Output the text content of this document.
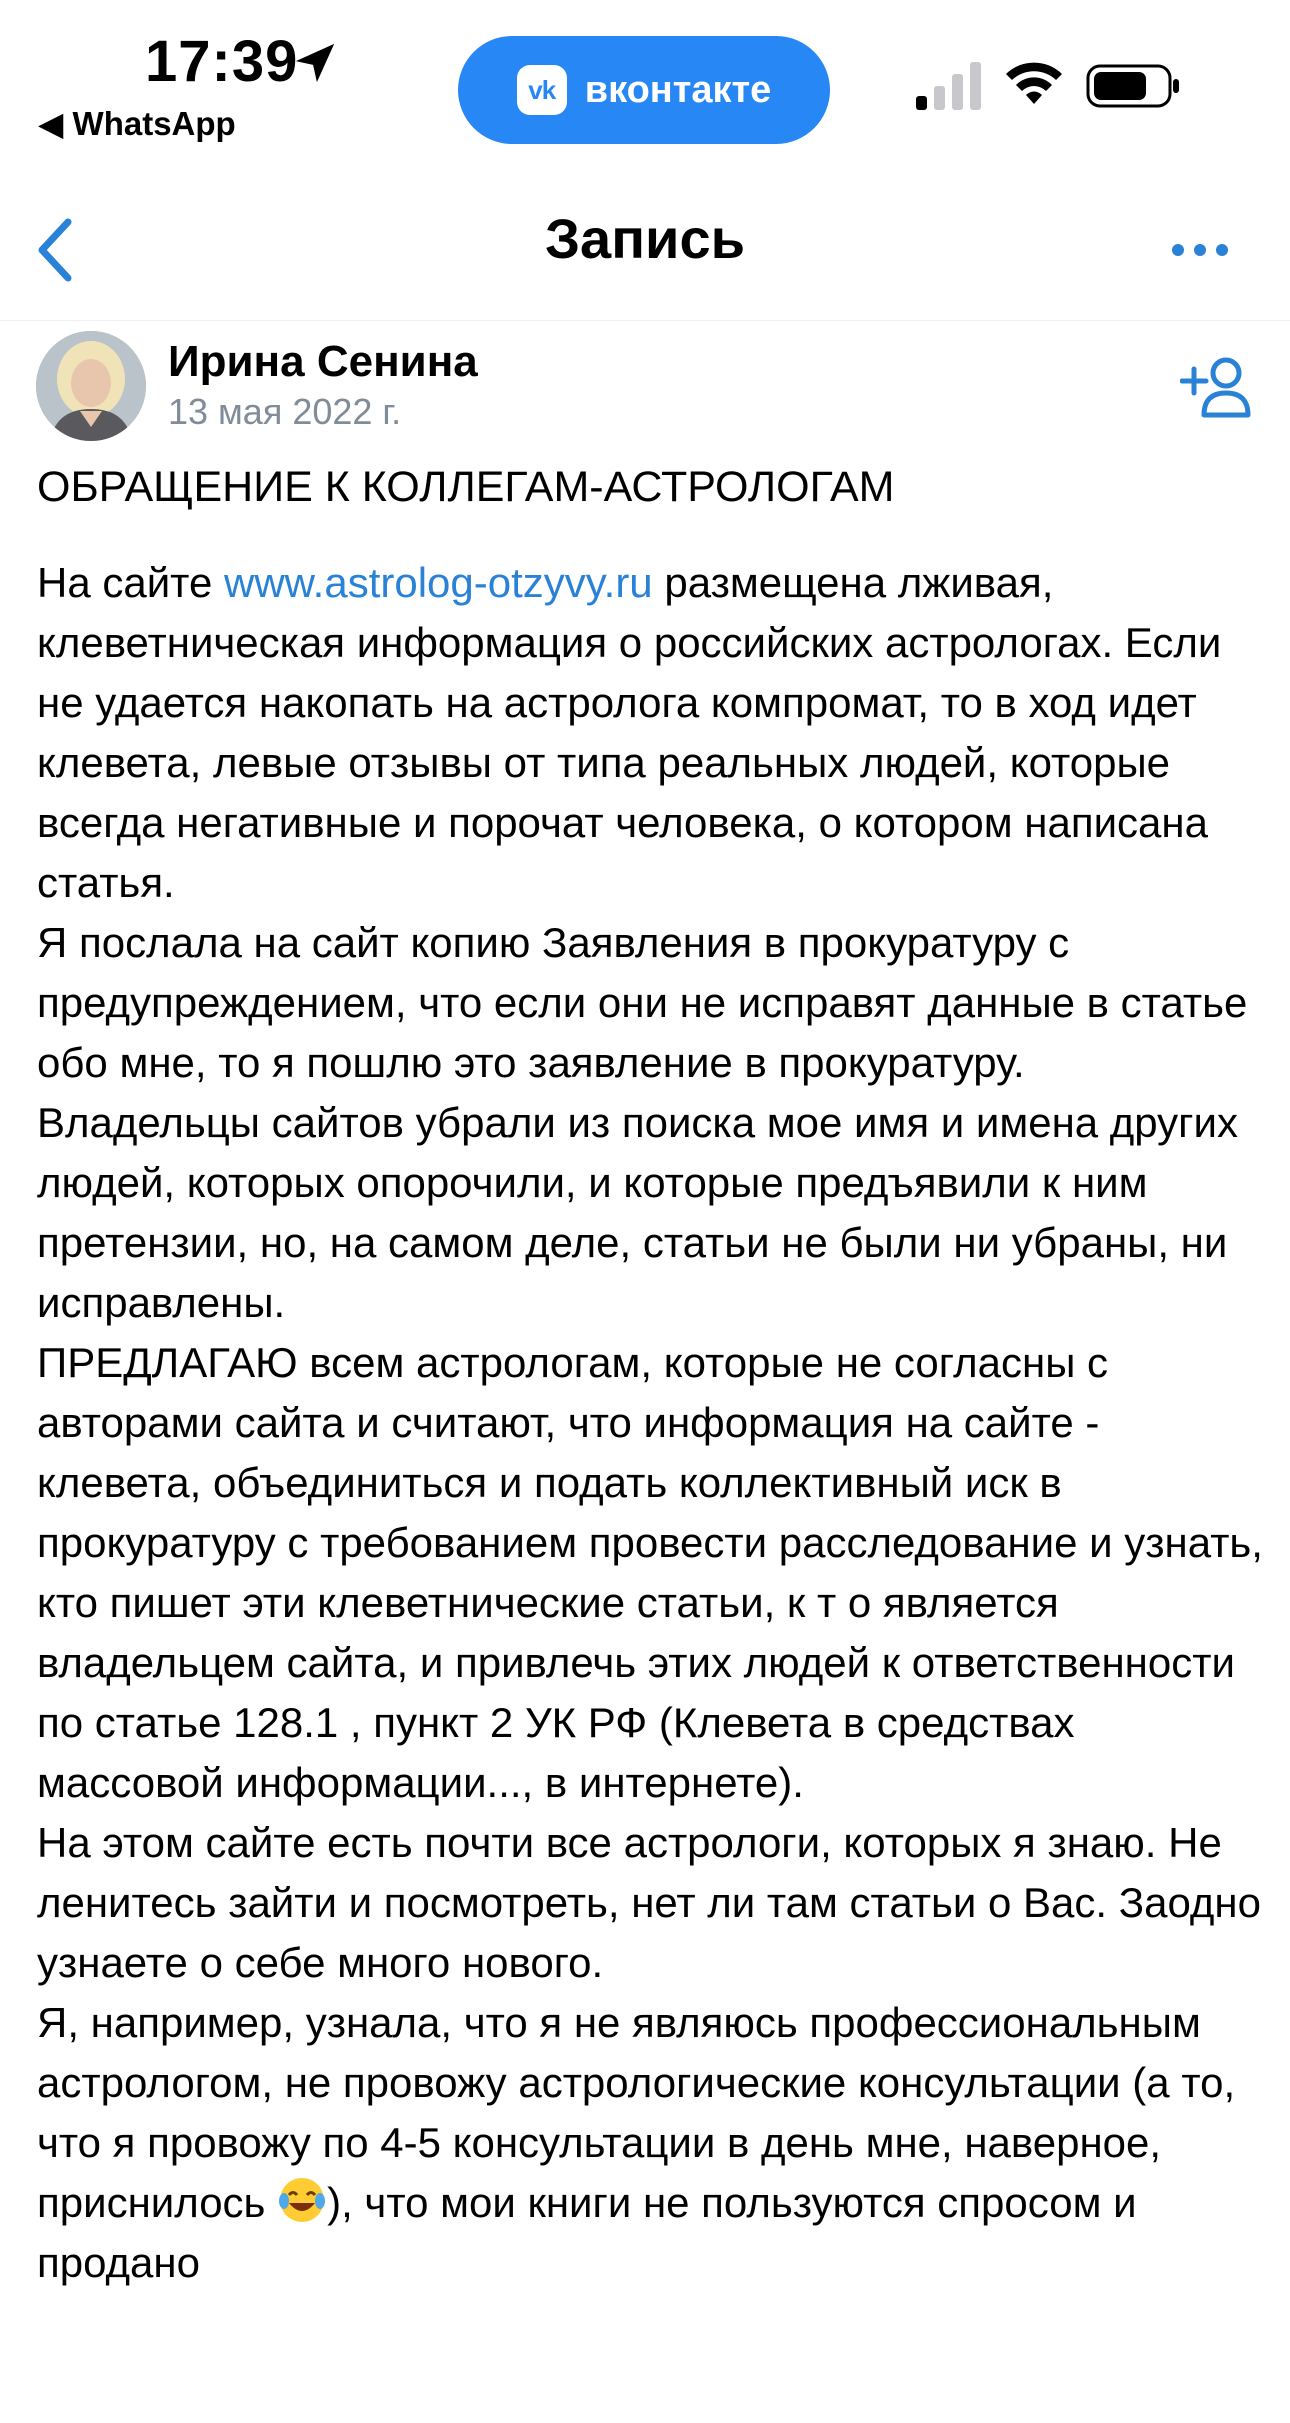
17:39
◀ WhatsApp
vk вконтакте
Запись
Ирина Сенина
13 мая 2022 г.
ОБРАЩЕНИЕ К КОЛЛЕГАМ-АСТРОЛОГАМ

На сайте www.astrolog-otzyvy.ru размещена лживая, клеветническая информация о российских астрологах. Если не удается накопать на астролога компромат, то в ход идет клевета, левые отзывы от типа реальных людей, которые всегда негативные и порочат человека, о котором написана статья.

Я послала на сайт копию Заявления в прокуратуру с предупреждением, что если они не исправят данные в статье обо мне, то я пошлю это заявление в прокуратуру.

Владельцы сайтов убрали из поиска мое имя и имена других людей, которых опорочили, и которые предъявили к ним претензии, но, на самом деле, статьи не были ни убраны, ни исправлены.

ПРЕДЛАГАЮ всем астрологам, которые не согласны с авторами сайта и считают, что информация на сайте - клевета, объединиться и подать коллективный иск в прокуратуру с требованием провести расследование и узнать, кто пишет эти клеветнические статьи, к т о является владельцем сайта, и привлечь этих людей к ответственности по статье 128.1 , пункт 2 УК РФ (Клевета в средствах массовой информации..., в интернете).

На этом сайте есть почти все астрологи, которых я знаю. Не ленитесь зайти и посмотреть, нет ли там статьи о Вас. Заодно узнаете о себе много нового.

Я, например, узнала, что я не являюсь профессиональным астрологом, не провожу астрологические консультации (а то, что я провожу по 4-5 консультации в день мне, наверное, приснилось ), что мои книги не пользуются спросом и продано
